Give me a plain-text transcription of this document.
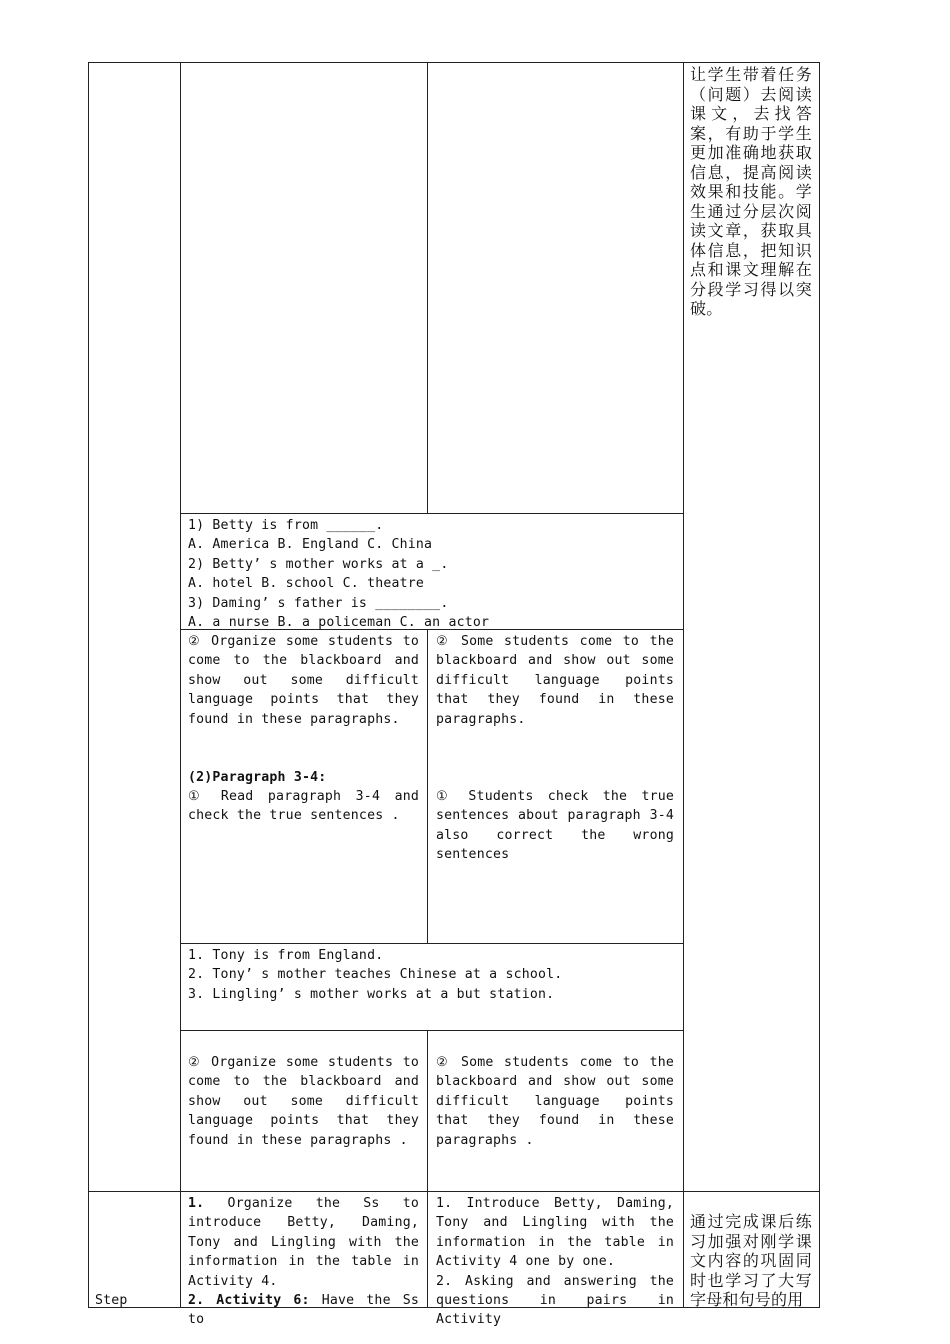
让学生带着任务（问题）去阅读课文，去找答案，有助于学生更加准确地获取信息，提高阅读效果和技能。学生通过分层次阅读文章，获取具体信息，把知识点和课文理解在分段学习得以突破。
通过完成课后练习加强对刚学课文内容的巩固同时也学习了大写字母和句号的用

1) Betty is from ______.

A. America B. England C. China

2) Betty’ s mother works at a _.

A. hotel B. school C. theatre

3) Daming’ s father is ________.

A. a nurse B. a policeman C. an actor

② Organize some students to come to the blackboard and show out some difficult language points that they found in these paragraphs.
(2)Paragraph 3-4:
① Read paragraph 3-4 and check the true sentences .
② Some students come to the blackboard and show out some difficult language points that they found in these paragraphs.
① Students check the true sentences about paragraph 3-4 also correct the wrong sentences

1. Tony is from England.

2. Tony’ s mother teaches Chinese at a school.

3. Lingling’ s mother works at a but station.

② Organize some students to come to the blackboard and show out some difficult language points that they found in these paragraphs .
② Some students come to the blackboard and show out some difficult language points that they found in these paragraphs .
Step

1. Organize the Ss to introduce Betty, Daming, Tony and Lingling with the information in the table in Activity 4.

2. Activity 6: Have the Ss to

1. Introduce Betty, Daming, Tony and Lingling with the information in the table in Activity 4 one by one.

2. Asking and answering the questions in pairs in Activity
